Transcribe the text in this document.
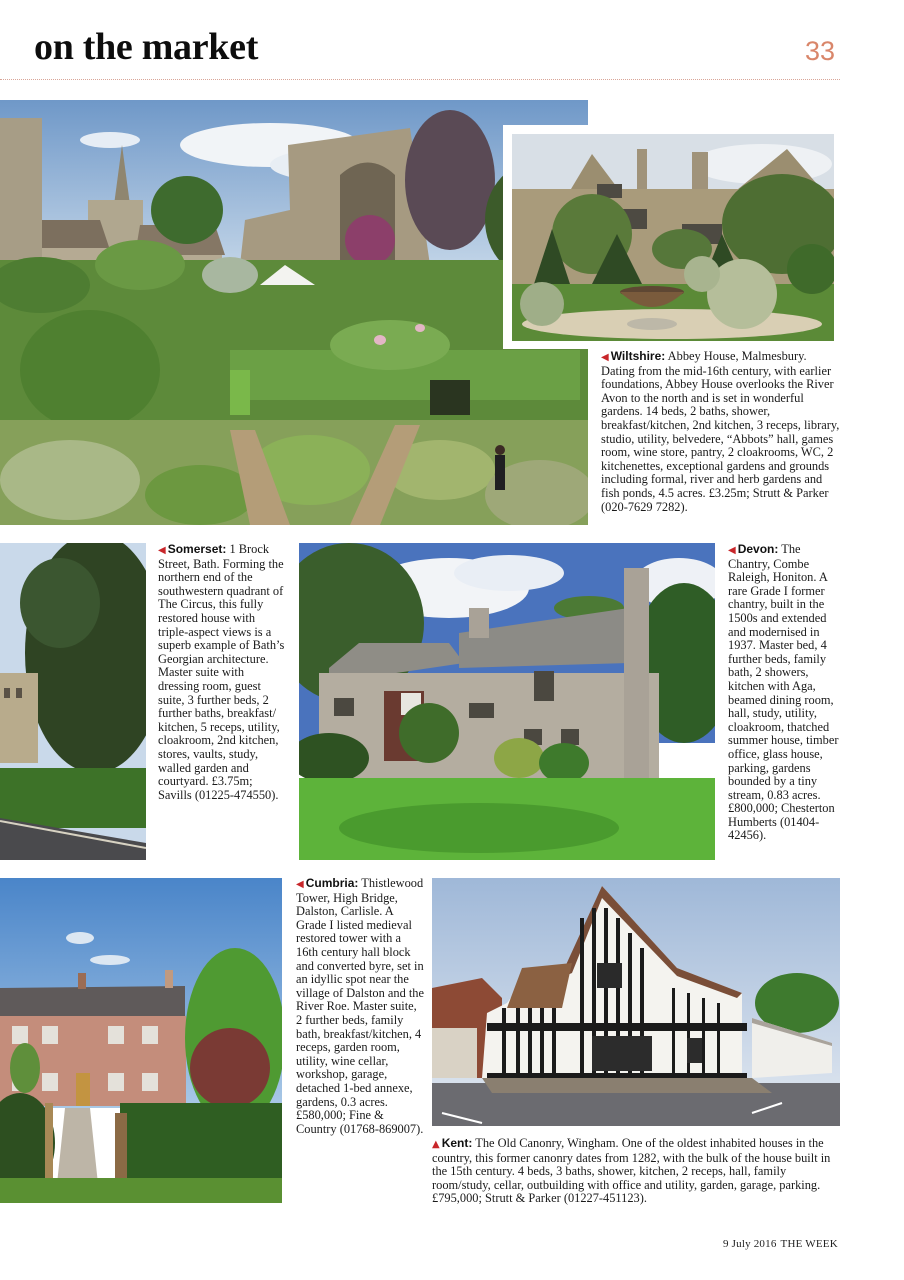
on the market	33
◀ Wiltshire: Abbey House, Malmesbury. Dating from the mid-16th century, with earlier foundations, Abbey House overlooks the River Avon to the north and is set in wonderful gardens. 14 beds, 2 baths, shower, breakfast/kitchen, 2nd kitchen, 3 receps, library, studio, utility, belvedere, “Abbots” hall, games room, wine store, pantry, 2 cloakrooms, WC, 2 kitchenettes, exceptional gardens and grounds including formal, river and herb gardens and fish ponds, 4.5 acres. £3.25m; Strutt & Parker (020-7629 7282).
◀ Somerset: 1 Brock Street, Bath. Forming the northern end of the southwestern quadrant of The Circus, this fully restored house with triple-aspect views is a superb example of Bath’s Georgian architecture. Master suite with dressing room, guest suite, 3 further beds, 2 further baths, breakfast/ kitchen, 5 receps, utility, cloakroom, 2nd kitchen, stores, vaults, study, walled garden and courtyard. £3.75m; Savills (01225-474550).
◀ Devon: The Chantry, Combe Raleigh, Honiton. A rare Grade I former chantry, built in the 1500s and extended and modernised in 1937. Master bed, 4 further beds, family bath, 2 showers, kitchen with Aga, beamed dining room, hall, study, utility, cloakroom, thatched summer house, timber office, glass house, parking, gardens bounded by a tiny stream, 0.83 acres. £800,000; Chesterton Humberts (01404-42456).
◀ Cumbria: Thistlewood Tower, High Bridge, Dalston, Carlisle. A Grade I listed medieval restored tower with a 16th century hall block and converted byre, set in an idyllic spot near the village of Dalston and the River Roe. Master suite, 2 further beds, family bath, breakfast/kitchen, 4 receps, garden room, utility, wine cellar, workshop, garage, detached 1-bed annexe, gardens, 0.3 acres. £580,000; Fine & Country (01768-869007).
▲ Kent: The Old Canonry, Wingham. One of the oldest inhabited houses in the country, this former canonry dates from 1282, with the bulk of the house built in the 15th century. 4 beds, 3 baths, shower, kitchen, 2 receps, hall, family room/study, cellar, outbuilding with office and utility, garden, garage, parking. £795,000; Strutt & Parker (01227-451123).
9 July 2016 THE WEEK
